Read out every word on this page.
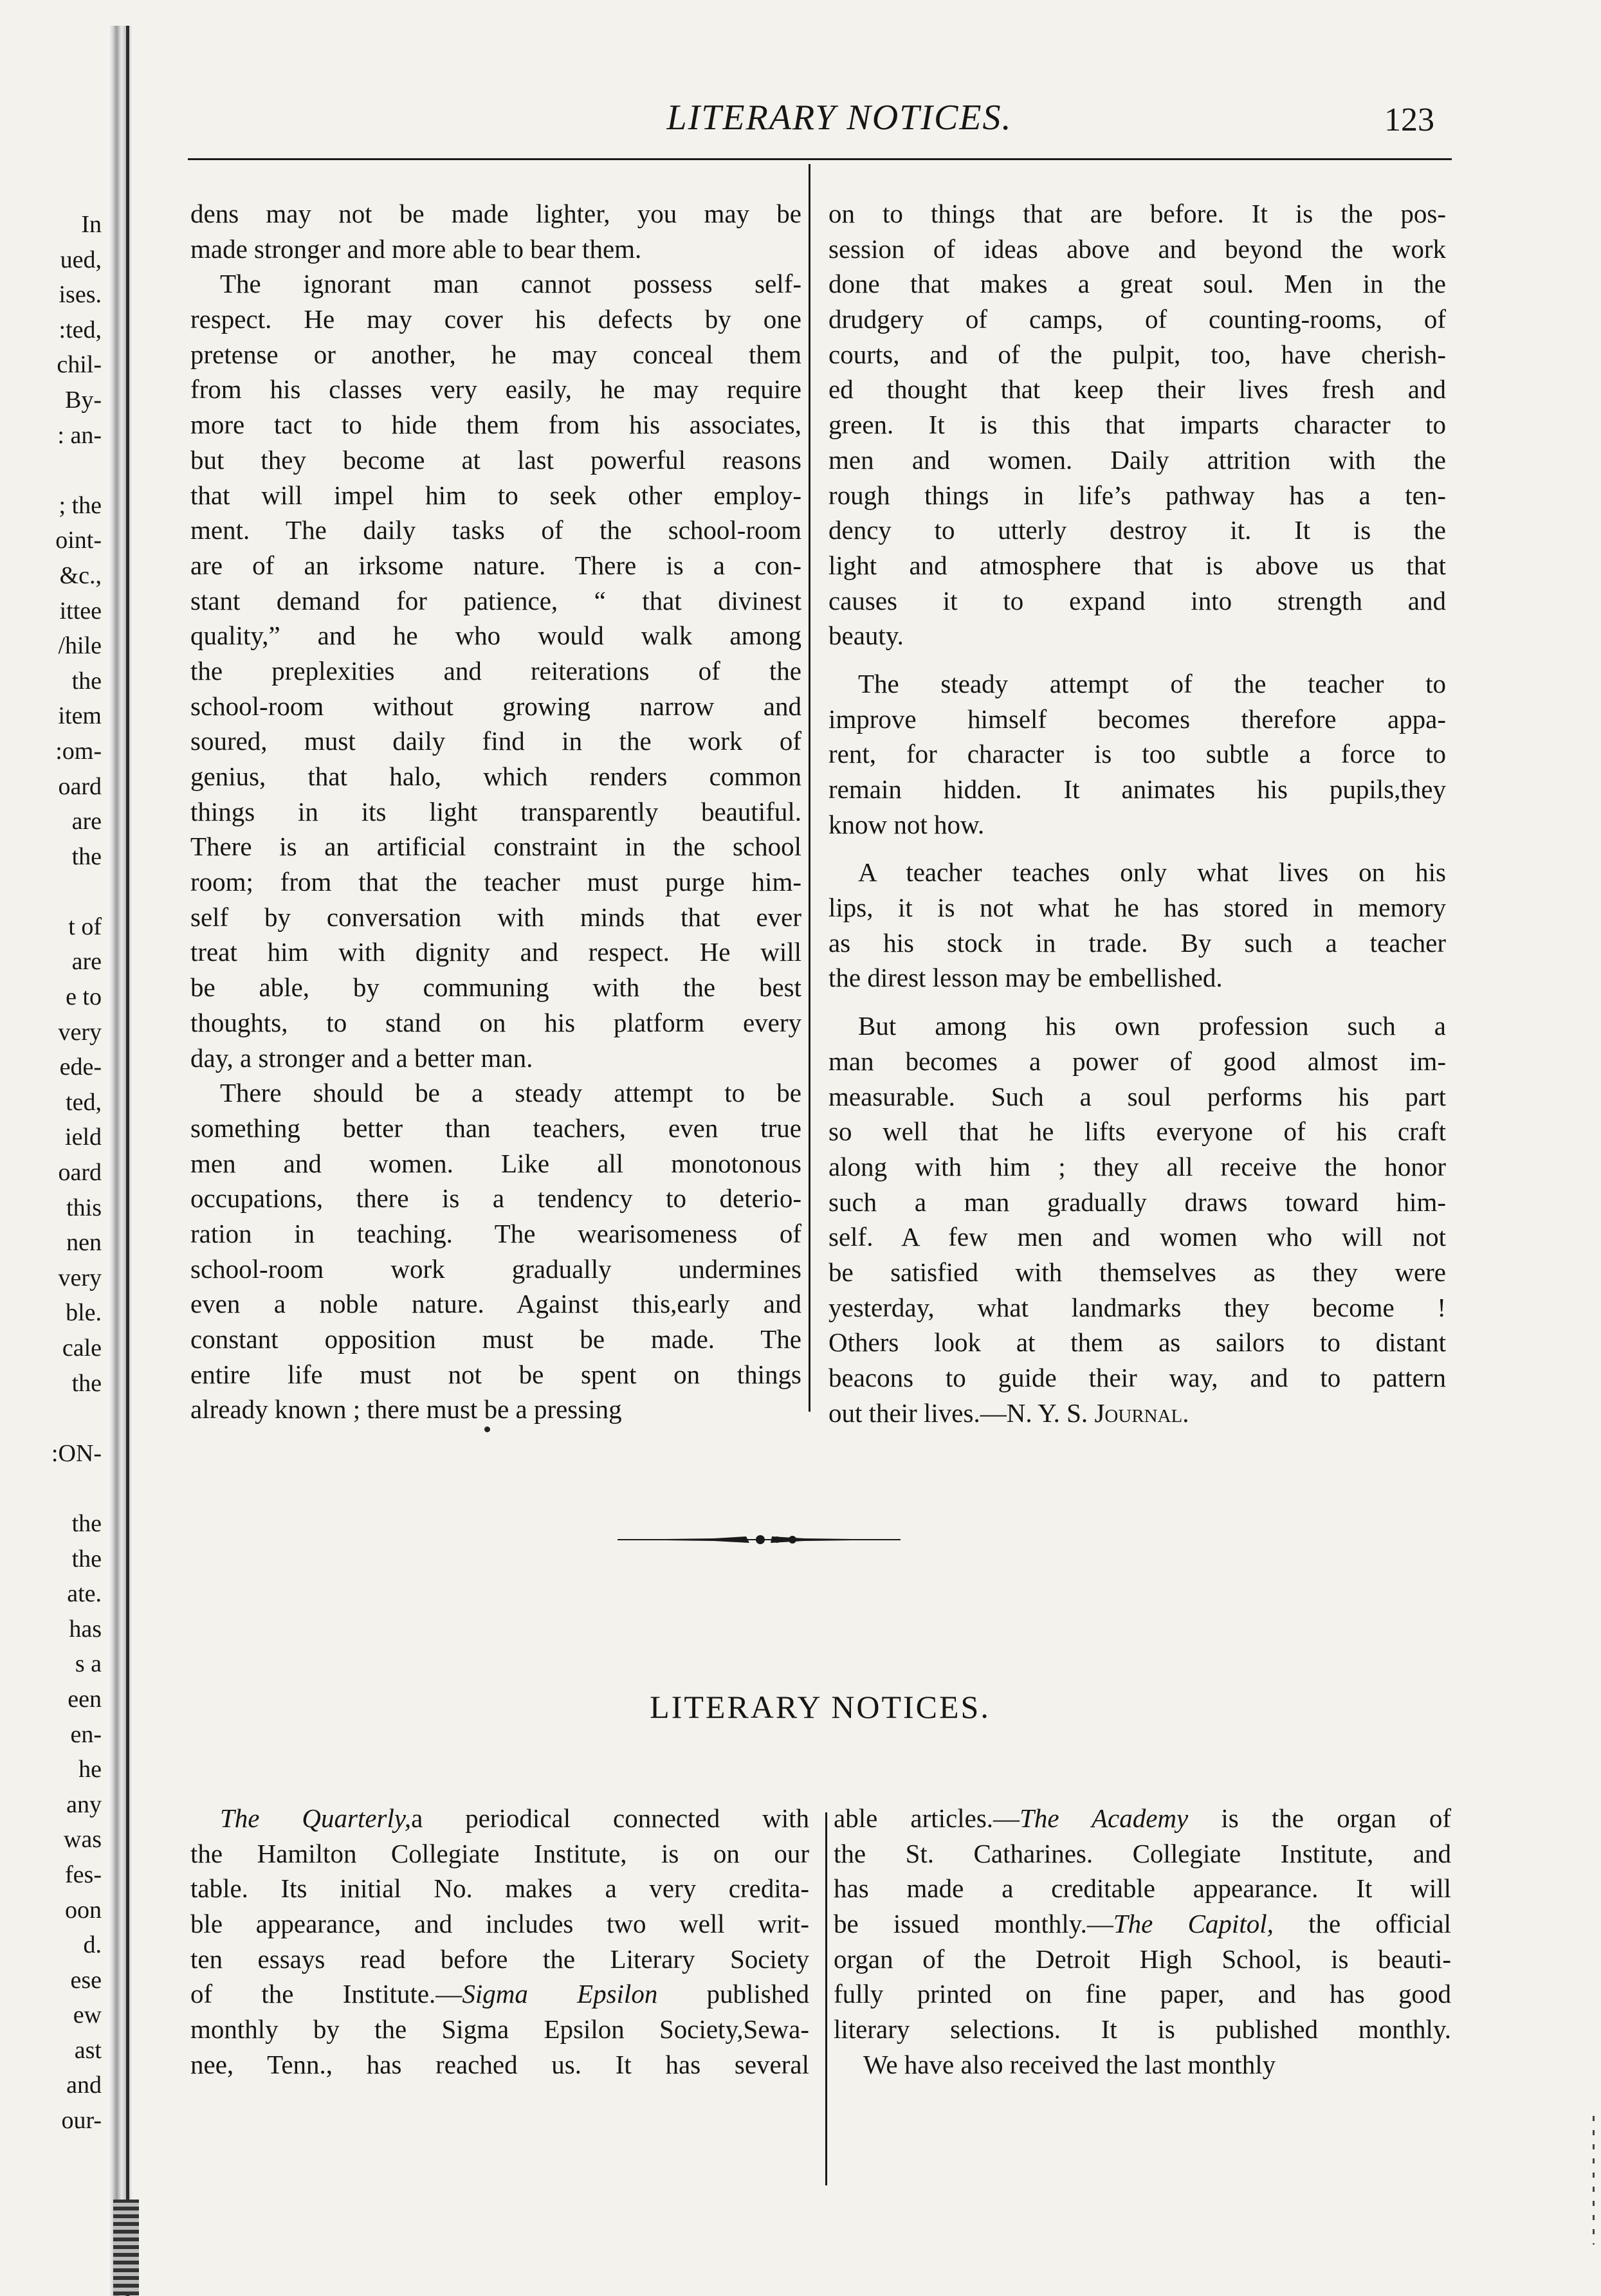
In
ued,
ises.
:ted,
chil-
By-
: an-
; the
oint-
&c.,
ittee
/hile
the
item
:om-
oard
are
the
t of
are
e to
very
ede-
ted,
ield
oard
this
nen
very
ble.
cale
the
:ON-
the
the
ate.
has
s a
een
en-
he
any
was
fes-
oon
d.
ese
ew
ast
and
our-
LITERARY NOTICES.	123
dens may not be made lighter, you may be
made stronger and more able to bear them.
The ignorant man cannot possess self-
respect. He may cover his defects by one
pretense or another, he may conceal them
from his classes very easily, he may require
more tact to hide them from his associates,
but they become at last powerful reasons
that will impel him to seek other employ-
ment. The daily tasks of the school-room
are of an irksome nature. There is a con-
stant demand for patience, “ that divinest
quality,” and he who would walk among
the preplexities and reiterations of the
school-room without growing narrow and
soured, must daily find in the work of
genius, that halo, which renders common
things in its light transparently beautiful.
There is an artificial constraint in the school
room; from that the teacher must purge him-
self by conversation with minds that ever
treat him with dignity and respect. He will
be able, by communing with the best
thoughts, to stand on his platform every
day, a stronger and a better man.
There should be a steady attempt to be
something better than teachers, even true
men and women. Like all monotonous
occupations, there is a tendency to deterio-
ration in teaching. The wearisomeness of
school-room work gradually undermines
even a noble nature. Against this,early and
constant opposition must be made. The
entire life must not be spent on things
already known ; there must be a pressing
on to things that are before. It is the pos-
session of ideas above and beyond the work
done that makes a great soul. Men in the
drudgery of camps, of counting-rooms, of
courts, and of the pulpit, too, have cherish-
ed thought that keep their lives fresh and
green. It is this that imparts character to
men and women. Daily attrition with the
rough things in life’s pathway has a ten-
dency to utterly destroy it. It is the
light and atmosphere that is above us that
causes it to expand into strength and
beauty.
The steady attempt of the teacher to
improve himself becomes therefore appa-
rent, for character is too subtle a force to
remain hidden. It animates his pupils,they
know not how.
A teacher teaches only what lives on his
lips, it is not what he has stored in memory
as his stock in trade. By such a teacher
the direst lesson may be embellished.
But among his own profession such a
man becomes a power of good almost im-
measurable. Such a soul performs his part
so well that he lifts everyone of his craft
along with him ; they all receive the honor
such a man gradually draws toward him-
self. A few men and women who will not
be satisfied with themselves as they were
yesterday, what landmarks they become !
Others look at them as sailors to distant
beacons to guide their way, and to pattern
out their lives.—N. Y. S. Journal.
LITERARY NOTICES.
The Quarterly,a periodical connected with
the Hamilton Collegiate Institute, is on our
table. Its initial No. makes a very credita-
ble appearance, and includes two well writ-
ten essays read before the Literary Society
of the Institute.—Sigma Epsilon published
monthly by the Sigma Epsilon Society,Sewa-
nee, Tenn., has reached us. It has several
able articles.—The Academy is the organ of
the St. Catharines. Collegiate Institute, and
has made a creditable appearance. It will
be issued monthly.—The Capitol, the official
organ of the Detroit High School, is beauti-
fully printed on fine paper, and has good
literary selections. It is published monthly.
We have also received the last monthly
